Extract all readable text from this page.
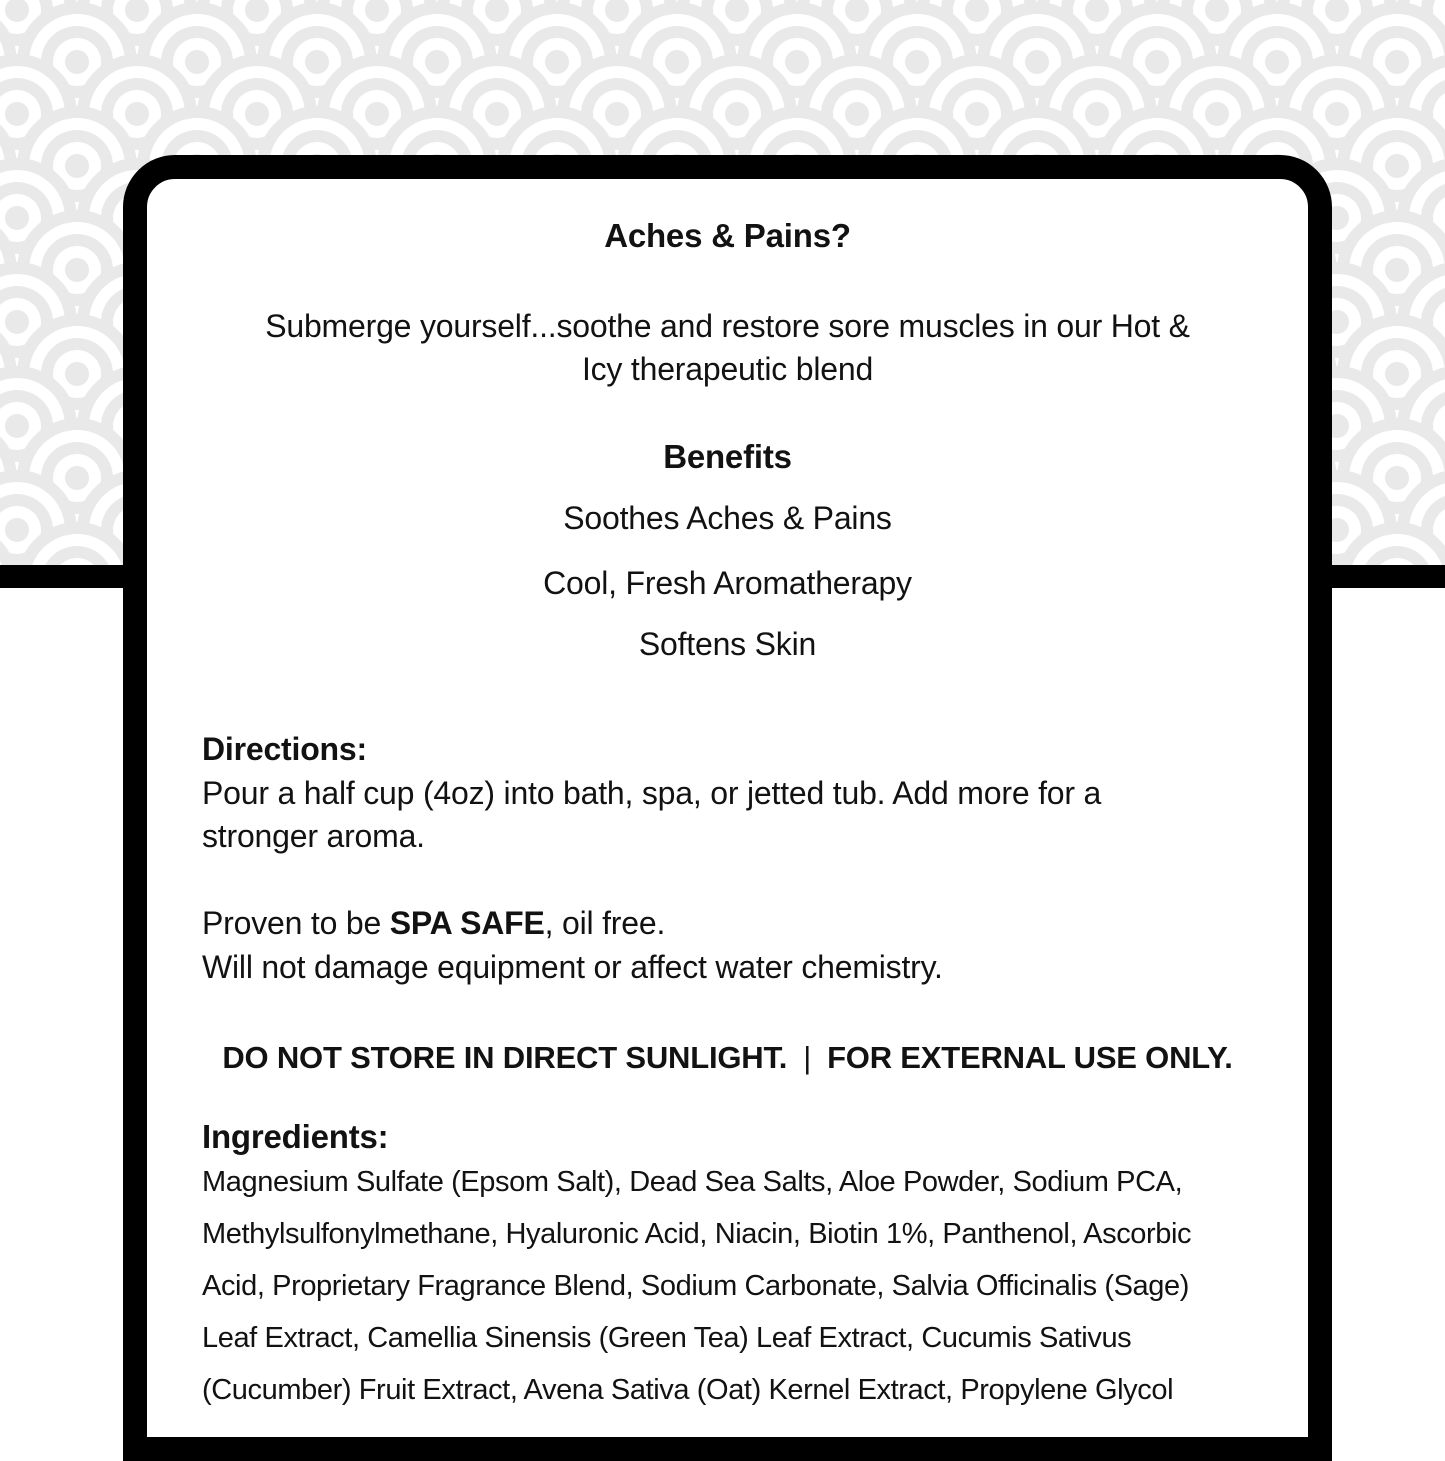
Aches & Pains?
Submerge yourself...soothe and restore sore muscles in our Hot &
Icy therapeutic blend
Benefits
Soothes Aches & Pains
Cool, Fresh Aromatherapy
Softens Skin
Directions:
Pour a half cup (4oz) into bath, spa, or jetted tub. Add more for a
stronger aroma.
Proven to be SPA SAFE, oil free.
Will not damage equipment or affect water chemistry.
DO NOT STORE IN DIRECT SUNLIGHT. | FOR EXTERNAL USE ONLY.
Ingredients:
Magnesium Sulfate (Epsom Salt), Dead Sea Salts, Aloe Powder, Sodium PCA,
Methylsulfonylmethane, Hyaluronic Acid, Niacin, Biotin 1%, Panthenol, Ascorbic
Acid, Proprietary Fragrance Blend, Sodium Carbonate, Salvia Officinalis (Sage)
Leaf Extract, Camellia Sinensis (Green Tea) Leaf Extract, Cucumis Sativus
(Cucumber) Fruit Extract, Avena Sativa (Oat) Kernel Extract, Propylene Glycol
